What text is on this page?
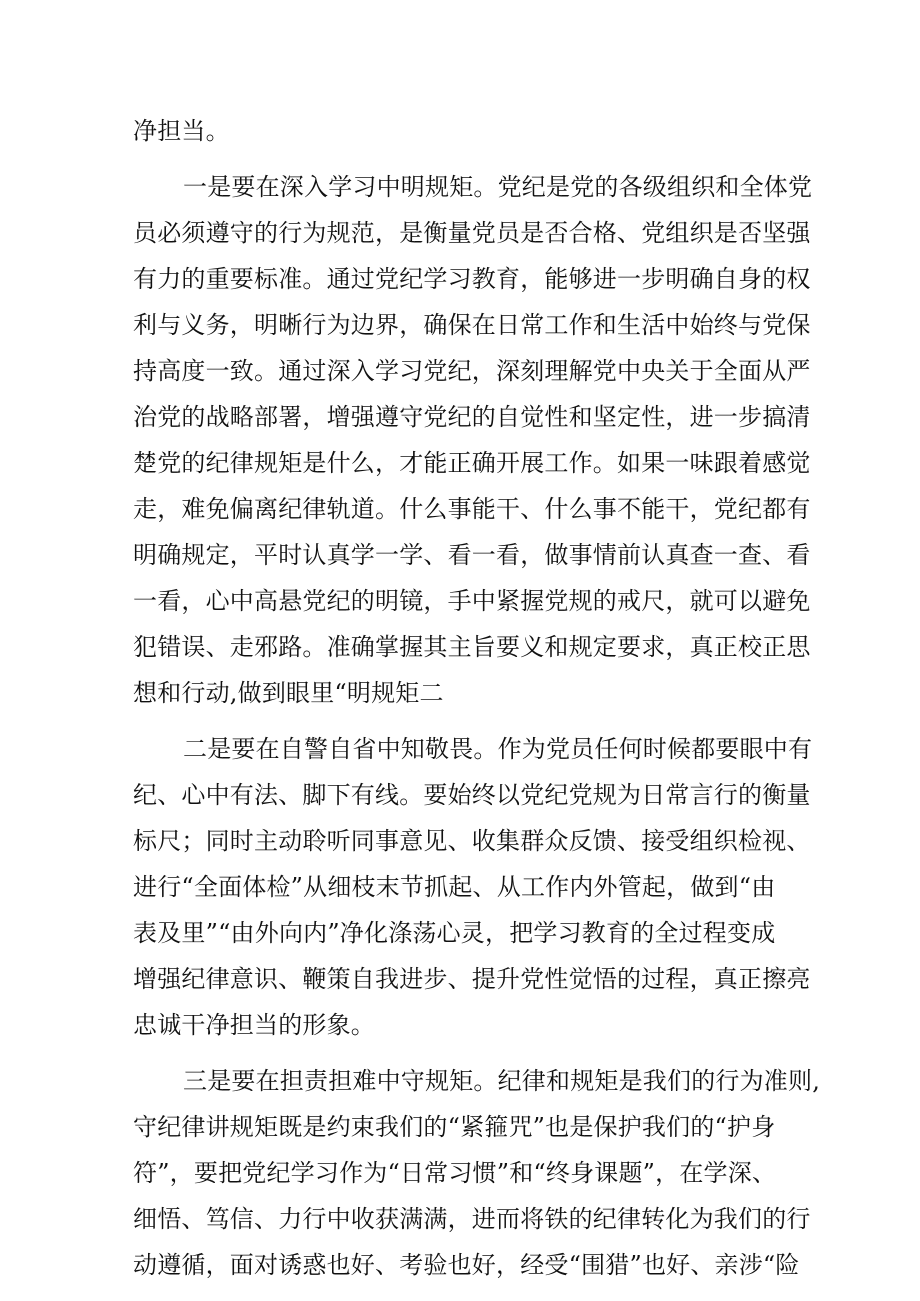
净担当。
一是要在深入学习中明规矩。党纪是党的各级组织和全体党
员必须遵守的行为规范，是衡量党员是否合格、党组织是否坚强
有力的重要标准。通过党纪学习教育，能够进一步明确自身的权
利与义务，明晰行为边界，确保在日常工作和生活中始终与党保
持高度一致。通过深入学习党纪，深刻理解党中央关于全面从严
治党的战略部署，增强遵守党纪的自觉性和坚定性，进一步搞清
楚党的纪律规矩是什么，才能正确开展工作。如果一味跟着感觉
走，难免偏离纪律轨道。什么事能干、什么事不能干，党纪都有
明确规定，平时认真学一学、看一看，做事情前认真查一查、看
一看，心中高悬党纪的明镜，手中紧握党规的戒尺，就可以避免
犯错误、走邪路。准确掌握其主旨要义和规定要求，真正校正思
想和行动,做到眼里“明规矩二
二是要在自警自省中知敬畏。作为党员任何时候都要眼中有
纪、心中有法、脚下有线。要始终以党纪党规为日常言行的衡量
标尺；同时主动聆听同事意见、收集群众反馈、接受组织检视、
进行“全面体检”从细枝末节抓起、从工作内外管起，做到“由
表及里”“由外向内”净化涤荡心灵，把学习教育的全过程变成
增强纪律意识、鞭策自我进步、提升党性觉悟的过程，真正擦亮
忠诚干净担当的形象。
三是要在担责担难中守规矩。纪律和规矩是我们的行为准则,
守纪律讲规矩既是约束我们的“紧箍咒”也是保护我们的“护身
符”，要把党纪学习作为“日常习惯”和“终身课题”，在学深、
细悟、笃信、力行中收获满满，进而将铁的纪律转化为我们的行
动遵循，面对诱惑也好、考验也好，经受“围猎”也好、亲涉“险
